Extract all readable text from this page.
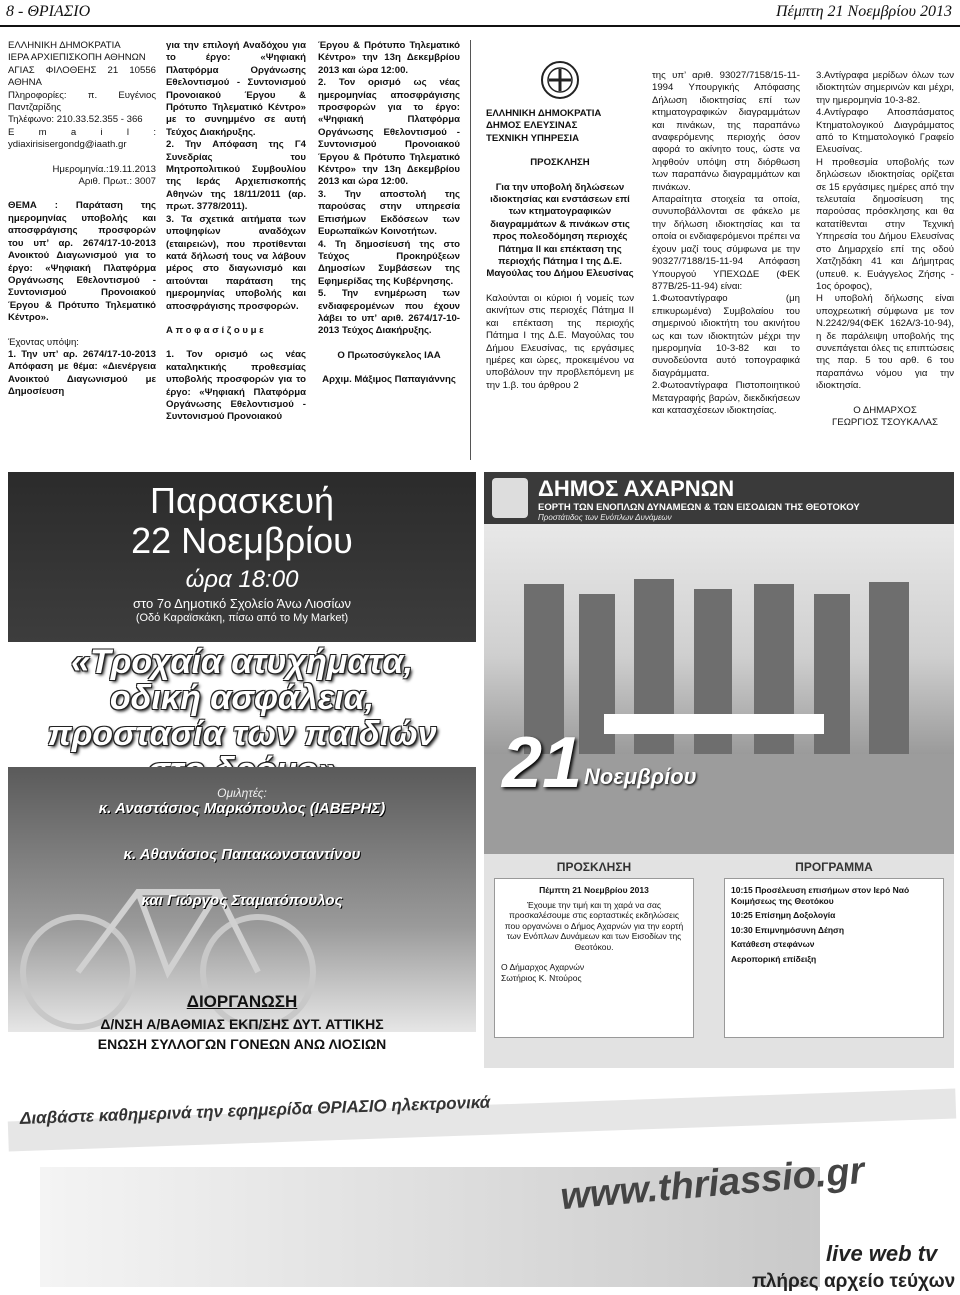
8 - ΘΡΙΑΣΙΟ	Πέμπτη 21 Νοεμβρίου 2013

ΕΛΛΗΝΙΚΗ ΔΗΜΟΚΡΑΤΙΑ

ΙΕΡΑ ΑΡΧΙΕΠΙΣΚΟΠΗ ΑΘΗΝΩΝ

ΑΓΙΑΣ ΦΙΛΟΘΕΗΣ 21 10556 ΑΘΗΝΑ

Πληροφορίες: π. Ευγένιος Παντζαρίδης

Τηλέφωνο: 210.33.52.355 - 366

E m a i l : ydiaxirisisergondg@iaath.gr

Ημερομηνία.:19.11.2013

Αριθ. Πρωτ.: 3007

ΘΕΜΑ : Παράταση της ημερομηνίας υποβολής και αποσφράγισης προσφορών του υπ’ αρ. 2674/17-10-2013 Ανοικτού Διαγωνισμού για το έργο: «Ψηφιακή Πλατφόρμα Οργάνωσης Εθελοντισμού - Συντονισμού Προνοιακού Έργου & Πρότυπο Τηλεματικό Κέντρο».

Έχοντας υπόψη:

1. Την υπ’ αρ. 2674/17-10-2013 Απόφαση με θέμα: «Διενέργεια Ανοικτού Διαγωνισμού με Δημοσίευση

για την επιλογή Αναδόχου για το έργο: «Ψηφιακή Πλατφόρμα Οργάνωσης Εθελοντισμού - Συντονισμού Προνοιακού Έργου & Πρότυπο Τηλεματικό Κέντρο» με το συνημμένο σε αυτή Τεύχος Διακήρυξης.

2. Την Απόφαση της Γ4 Συνεδρίας του Μητροπολιτικού Συμβουλίου της Ιεράς Αρχιεπισκοπής Αθηνών της 18/11/2011 (αρ. πρωτ. 3778/2011).

3. Τα σχετικά αιτήματα των υποψηφίων αναδόχων (εταιρειών), που προτίθενται κατά δήλωσή τους να λάβουν μέρος στο διαγωνισμό και αιτούνται παράταση της ημερομηνίας υποβολής και αποσφράγισης προσφορών.

Α π ο φ α σ ί ζ ο υ μ ε

1. Τον ορισμό ως νέας καταληκτικής προθεσμίας υποβολής προσφορών για το έργο: «Ψηφιακή Πλατφόρμα Οργάνωσης Εθελοντισμού - Συντονισμού Προνοιακού

Έργου & Πρότυπο Τηλεματικό Κέντρο» την 13η Δεκεμβρίου 2013 και ώρα 12:00.

2. Τον ορισμό ως νέας ημερομηνίας αποσφράγισης προσφορών για το έργο: «Ψηφιακή Πλατφόρμα Οργάνωσης Εθελοντισμού - Συντονισμού Προνοιακού Έργου & Πρότυπο Τηλεματικό Κέντρο» την 13η Δεκεμβρίου 2013 και ώρα 12:00.

3. Την αποστολή της παρούσας στην υπηρεσία Επισήμων Εκδόσεων των Ευρωπαϊκών Κοινοτήτων.

4. Τη δημοσίευσή της στο Τεύχος Προκηρύξεων Δημοσίων Συμβάσεων της Εφημερίδας της Κυβέρνησης.

5. Την ενημέρωση των ενδιαφερομένων που έχουν λάβει το υπ’ αριθ. 2674/17-10-2013 Τεύχος Διακήρυξης.

Ο Πρωτοσύγκελος ΙΑΑ

Αρχιμ. Μάξιμος Παπαγιάννης

ΕΛΛΗΝΙΚΗ ΔΗΜΟΚΡΑΤΙΑ

ΔΗΜΟΣ ΕΛΕΥΣΙΝΑΣ

ΤΕΧΝΙΚΗ ΥΠΗΡΕΣΙΑ

ΠΡΟΣΚΛΗΣΗ

Για την υποβολή δηλώσεων ιδιοκτησίας και ενστάσεων επί των κτηματογραφικών διαγραμμάτων & πινάκων στις προς πολεοδόμηση περιοχές Πάτημα ΙΙ και επέκταση της περιοχής Πάτημα Ι της Δ.Ε. Μαγούλας του Δήμου Ελευσίνας

Καλούνται οι κύριοι ή νομείς των ακινήτων στις περιοχές Πάτημα ΙΙ και επέκταση της περιοχής Πάτημα Ι της Δ.Ε. Μαγούλας του Δήμου Ελευσίνας, τις εργάσιμες ημέρες και ώρες, προκειμένου να υποβάλουν την προβλεπόμενη με την 1.β. του άρθρου 2

της υπ’ αριθ. 93027/7158/15-11-1994 Υπουργικής Απόφασης Δήλωση ιδιοκτησίας επί των κτηματογραφικών διαγραμμάτων και πινάκων, της παραπάνω αναφερόμενης περιοχής όσον αφορά το ακίνητο τους, ώστε να ληφθούν υπόψη στη διόρθωση των παραπάνω διαγραμμάτων και πινάκων.

Απαραίτητα στοιχεία τα οποία, συνυποβάλλονται σε φάκελο με την δήλωση ιδιοκτησίας και τα οποία οι ενδιαφερόμενοι πρέπει να έχουν μαζί τους σύμφωνα με την 90327/7188/15-11-94 Απόφαση Υπουργού ΥΠΕΧΩΔΕ (ΦΕΚ 877Β/25-11-94) είναι:

1.Φωτοαντίγραφο (μη επικυρωμένα) Συμβολαίου του σημερινού ιδιοκτήτη του ακινήτου ως και των ιδιοκτητών μέχρι την ημερομηνία 10-3-82 και το συνοδεύοντα αυτό τοπογραφικά διαγράμματα.

2.Φωτοαντίγραφα Πιστοποιητικού Μεταγραφής βαρών, διεκδικήσεων και κατασχέσεων ιδιοκτησίας.

3.Αντίγραφα μερίδων όλων των ιδιοκτητών σημερινών και μέχρι, την ημερομηνία 10-3-82.

4.Αντίγραφο Αποσπάσματος Κτηματολογικού Διαγράμματος από το Κτηματολογικό Γραφείο Ελευσίνας.

Η προθεσμία υποβολής των δηλώσεων ιδιοκτησίας ορίζεται σε 15 εργάσιμες ημέρες από την τελευταία δημοσίευση της παρούσας πρόσκλησης και θα κατατίθενται στην Τεχνική Υπηρεσία του Δήμου Ελευσίνας στο Δημαρχείο επί της οδού Χατζηδάκη 41 και Δήμητρας (υπευθ. κ. Ευάγγελος Ζήσης - 1ος όροφος),

Η υποβολή δήλωσης είναι υποχρεωτική σύμφωνα με τον Ν.2242/94(ΦΕΚ 162Α/3-10-94), η δε παράλειψη υποβολής της συνεπάγεται όλες τις επιπτώσεις της παρ. 5 του αρθ. 6 του παραπάνω νόμου για την ιδιοκτησία.

Ο ΔΗΜΑΡΧΟΣ

ΓΕΩΡΓΙΟΣ ΤΣΟΥΚΑΛΑΣ

Παρασκευή
22 Νοεμβρίου
ώρα 18:00
στο 7ο Δημοτικό Σχολείο Άνω Λιοσίων
(Οδό Καραϊσκάκη, πίσω από το My Market)
«Τροχαία ατυχήματα,
οδική ασφάλεια,
προστασία των παιδιών
Ομιλητές:
κ. Αναστάσιος Μαρκόπουλος (ΙΑΒΕΡΗΣ)
κ. Αθανάσιος Παπακωνσταντίνου
και Γιώργος Σταματόπουλος
ΔΙΟΡΓΑΝΩΣΗ
Δ/ΝΣΗ Α/ΒΑΘΜΙΑΣ ΕΚΠ/ΣΗΣ ΔΥΤ. ΑΤΤΙΚΗΣ
ΕΝΩΣΗ ΣΥΛΛΟΓΩΝ ΓΟΝΕΩΝ ΑΝΩ ΛΙΟΣΙΩΝ
ΔΗΜΟΣ ΑΧΑΡΝΩΝ
ΕΟΡΤΗ ΤΩΝ ΕΝΟΠΛΩΝ ΔΥΝΑΜΕΩΝ & ΤΩΝ ΕΙΣΟΔΙΩΝ ΤΗΣ ΘΕΟΤΟΚΟΥ
Προστάτιδος των Ενόπλων Δυνάμεων
21 Νοεμβρίου
ΠΡΟΣΚΛΗΣΗ	ΠΡΟΓΡΑΜΜΑ
Πέμπτη 21 Νοεμβρίου 2013
Έχουμε την τιμή και τη χαρά να σας προσκαλέσουμε στις εορταστικές εκδηλώσεις που οργανώνει ο Δήμος Αχαρνών για την εορτή των Ενόπλων Δυνάμεων και των Εισοδίων της Θεοτόκου.
Ο Δήμαρχος Αχαρνών
Σωτήριος Κ. Ντούρος
10:15 Προσέλευση επισήμων στον Ιερό Ναό Κοιμήσεως της Θεοτόκου
10:25 Επίσημη Δοξολογία
10:30 Επιμνημόσυνη Δέηση
Κατάθεση στεφάνων
Αεροπορική επίδειξη
Διαβάστε καθημερινά την εφημερίδα ΘΡΙΑΣΙΟ ηλεκτρονικά
www.thriassio.gr
live web tv
πλήρες αρχείο τεύχων
